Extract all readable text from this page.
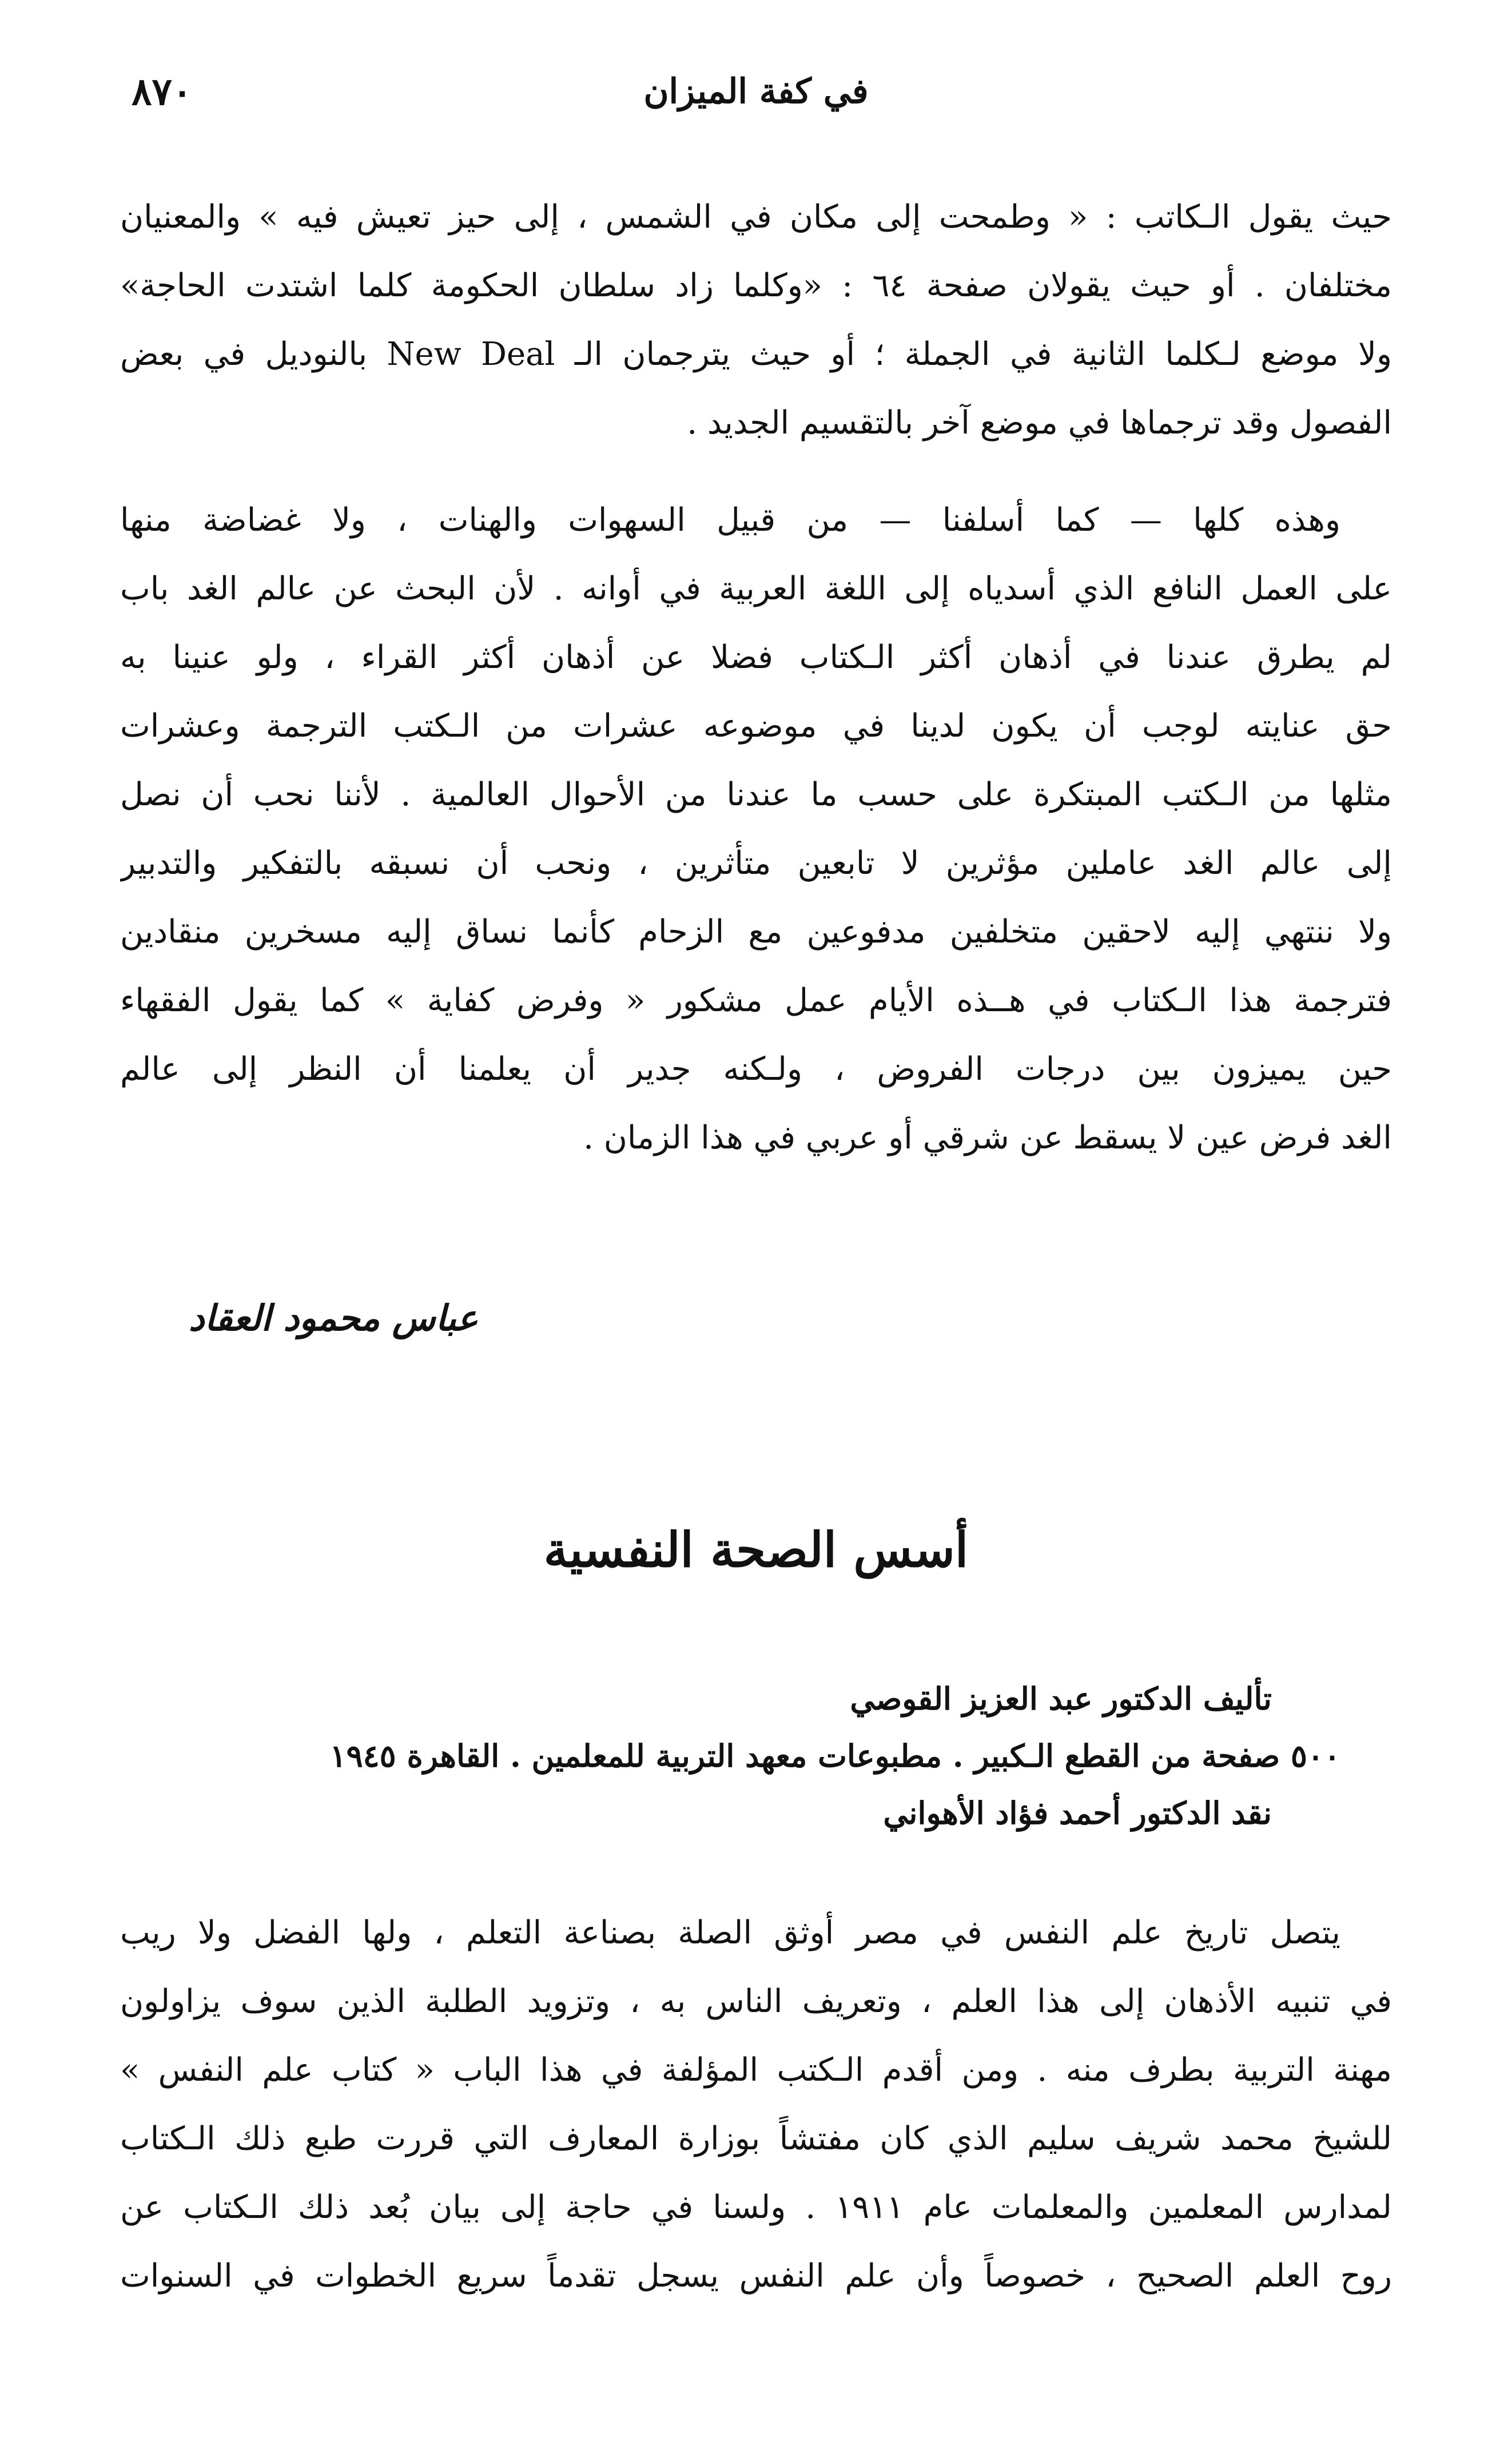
٨٧٠	في كفة الميزان
حيث يقول الـكاتب : « وطمحت إلى مكان في الشمس ، إلى حيز تعيش فيه » والمعنيان
مختلفان . أو حيث يقولان صفحة ٦٤ : «وكلما زاد سلطان الحكومة كلما اشتدت الحاجة»
ولا موضع لـكلما الثانية في الجملة ؛ أو حيث يترجمان الـ New Deal بالنوديل في بعض
الفصول وقد ترجماها في موضع آخر بالتقسيم الجديد .
وهذه كلها — كما أسلفنا — من قبيل السهوات والهنات ، ولا غضاضة منها
على العمل النافع الذي أسدياه إلى اللغة العربية في أوانه . لأن البحث عن عالم الغد باب
لم يطرق عندنا في أذهان أكثر الـكتاب فضلا عن أذهان أكثر القراء ، ولو عنينا به
حق عنايته لوجب أن يكون لدينا في موضوعه عشرات من الـكتب الترجمة وعشرات
مثلها من الـكتب المبتكرة على حسب ما عندنا من الأحوال العالمية . لأننا نحب أن نصل
إلى عالم الغد عاملين مؤثرين لا تابعين متأثرين ، ونحب أن نسبقه بالتفكير والتدبير
ولا ننتهي إليه لاحقين متخلفين مدفوعين مع الزحام كأنما نساق إليه مسخرين منقادين
فترجمة هذا الـكتاب في هــذه الأيام عمل مشكور « وفرض كفاية » كما يقول الفقهاء
حين يميزون بين درجات الفروض ، ولـكنه جدير أن يعلمنا أن النظر إلى عالم
الغد فرض عين لا يسقط عن شرقي أو عربي في هذا الزمان .
عباس محمود العقاد
أسس الصحة النفسية
تأليف الدكتور عبد العزيز القوصي
٥٠٠ صفحة من القطع الـكبير . مطبوعات معهد التربية للمعلمين . القاهرة ١٩٤٥
نقد الدكتور أحمد فؤاد الأهواني
يتصل تاريخ علم النفس في مصر أوثق الصلة بصناعة التعلم ، ولها الفضل ولا ريب
في تنبيه الأذهان إلى هذا العلم ، وتعريف الناس به ، وتزويد الطلبة الذين سوف يزاولون
مهنة التربية بطرف منه . ومن أقدم الـكتب المؤلفة في هذا الباب « كتاب علم النفس »
للشيخ محمد شريف سليم الذي كان مفتشاً بوزارة المعارف التي قررت طبع ذلك الـكتاب
لمدارس المعلمين والمعلمات عام ١٩١١ . ولسنا في حاجة إلى بيان بُعد ذلك الـكتاب عن
روح العلم الصحيح ، خصوصاً وأن علم النفس يسجل تقدماً سريع الخطوات في السنوات
